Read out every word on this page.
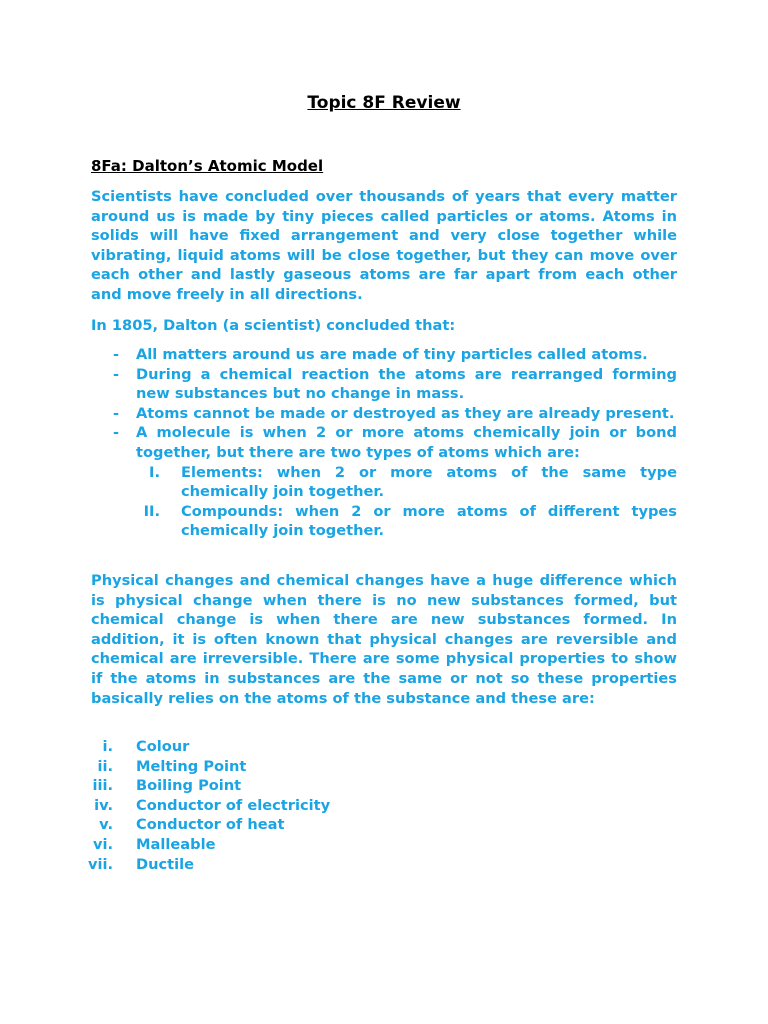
Topic 8F Review
8Fa: Dalton’s Atomic Model

Scientists have concluded over thousands of years that every matter around us is made by tiny pieces called particles or atoms. Atoms in solids will have fixed arrangement and very close together while vibrating, liquid atoms will be close together, but they can move over each other and lastly gaseous atoms are far apart from each other and move freely in all directions.

In 1805, Dalton (a scientist) concluded that:

- All matters around us are made of tiny particles called atoms.
- During a chemical reaction the atoms are rearranged forming new substances but no change in mass.
- Atoms cannot be made or destroyed as they are already present.
- A molecule is when 2 or more atoms chemically join or bond together, but there are two types of atoms which are:
I. Elements: when 2 or more atoms of the same type chemically join together.
II. Compounds: when 2 or more atoms of different types chemically join together.

Physical changes and chemical changes have a huge difference which is physical change when there is no new substances formed, but chemical change is when there are new substances formed. In addition, it is often known that physical changes are reversible and chemical are irreversible. There are some physical properties to show if the atoms in substances are the same or not so these properties basically relies on the atoms of the substance and these are:

i. Colour
ii. Melting Point
iii. Boiling Point
iv. Conductor of electricity
v. Conductor of heat
vi. Malleable
vii. Ductile
